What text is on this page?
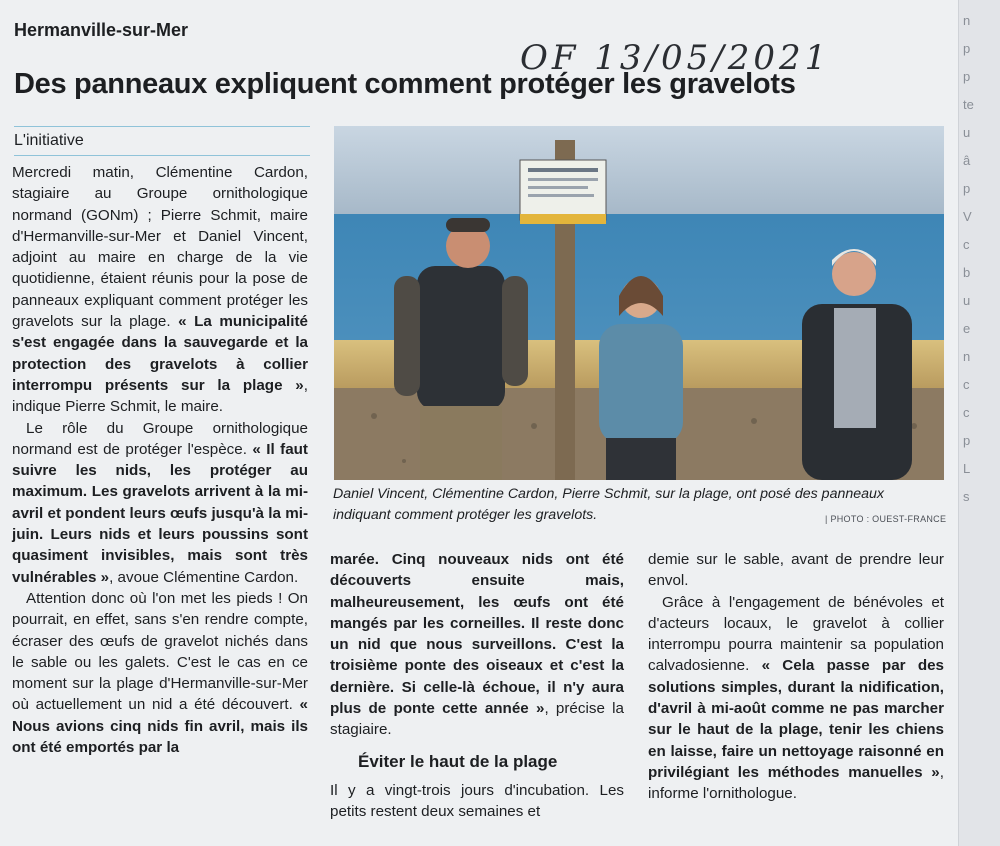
Hermanville-sur-Mer
OF 13/05/2021
Des panneaux expliquent comment protéger les gravelots
L'initiative

Mercredi matin, Clémentine Cardon, stagiaire au Groupe ornithologique normand (GONm) ; Pierre Schmit, maire d'Hermanville-sur-Mer et Daniel Vincent, adjoint au maire en charge de la vie quotidienne, étaient réunis pour la pose de panneaux expliquant comment protéger les gravelots sur la plage. « La municipalité s'est engagée dans la sauvegarde et la protection des gravelots à collier interrompu présents sur la plage », indique Pierre Schmit, le maire.

Le rôle du Groupe ornithologique normand est de protéger l'espèce. « Il faut suivre les nids, les protéger au maximum. Les gravelots arrivent à la mi-avril et pondent leurs œufs jusqu'à la mi-juin. Leurs nids et leurs poussins sont quasiment invisibles, mais sont très vulnérables », avoue Clémentine Cardon.

Attention donc où l'on met les pieds ! On pourrait, en effet, sans s'en rendre compte, écraser des œufs de gravelot nichés dans le sable ou les galets. C'est le cas en ce moment sur la plage d'Hermanville-sur-Mer où actuellement un nid a été découvert. « Nous avions cinq nids fin avril, mais ils ont été emportés par la

Daniel Vincent, Clémentine Cardon, Pierre Schmit, sur la plage, ont posé des panneaux indiquant comment protéger les gravelots.	| PHOTO : OUEST-FRANCE

marée. Cinq nouveaux nids ont été découverts ensuite mais, malheureusement, les œufs ont été mangés par les corneilles. Il reste donc un nid que nous surveillons. C'est la troisième ponte des oiseaux et c'est la dernière. Si celle-là échoue, il n'y aura plus de ponte cette année », précise la stagiaire.

Éviter le haut de la plage

Il y a vingt-trois jours d'incubation. Les petits restent deux semaines et

demie sur le sable, avant de prendre leur envol.

Grâce à l'engagement de bénévoles et d'acteurs locaux, le gravelot à collier interrompu pourra maintenir sa population calvadosienne. « Cela passe par des solutions simples, durant la nidification, d'avril à mi-août comme ne pas marcher sur le haut de la plage, tenir les chiens en laisse, faire un nettoyage raisonné en privilégiant les méthodes manuelles », informe l'ornithologue.

n
p
p
te
u
â
p
V
c
b
u
e
n
c
c
p
L
s
